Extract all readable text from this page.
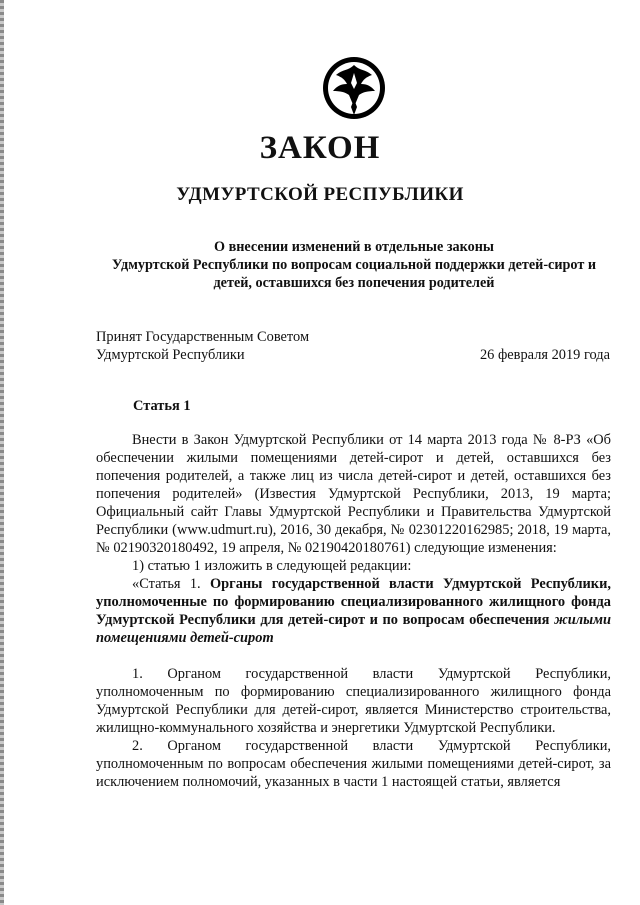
ЗАКОН
УДМУРТСКОЙ РЕСПУБЛИКИ
О внесении изменений в отдельные законы
Удмуртской Республики по вопросам социальной поддержки детей-сирот и
детей, оставшихся без попечения родителей
Принят Государственным Советом
Удмуртской Республики	26 февраля 2019 года
Статья 1

Внести в Закон Удмуртской Республики от 14 марта 2013 года № 8-РЗ «Об обеспечении жилыми помещениями детей-сирот и детей, оставшихся без попечения родителей, а также лиц из числа детей-сирот и детей, оставшихся без попечения родителей» (Известия Удмуртской Республики, 2013, 19 марта; Официальный сайт Главы Удмуртской Республики и Правительства Удмуртской Республики (www.udmurt.ru), 2016, 30 декабря, № 02301220162985; 2018, 19 марта, № 02190320180492, 19 апреля, № 02190420180761) следующие изменения:

1) статью 1 изложить в следующей редакции:

«Статья 1. Органы государственной власти Удмуртской Республики, уполномоченные по формированию специализированного жилищного фонда Удмуртской Республики для детей-сирот и по вопросам обеспечения жилыми помещениями детей-сирот

1. Органом государственной власти Удмуртской Республики, уполномоченным по формированию специализированного жилищного фонда Удмуртской Республики для детей-сирот, является Министерство строительства, жилищно-коммунального хозяйства и энергетики Удмуртской Республики.

2. Органом государственной власти Удмуртской Республики, уполномоченным по вопросам обеспечения жилыми помещениями детей-сирот, за исключением полномочий, указанных в части 1 настоящей статьи, является
